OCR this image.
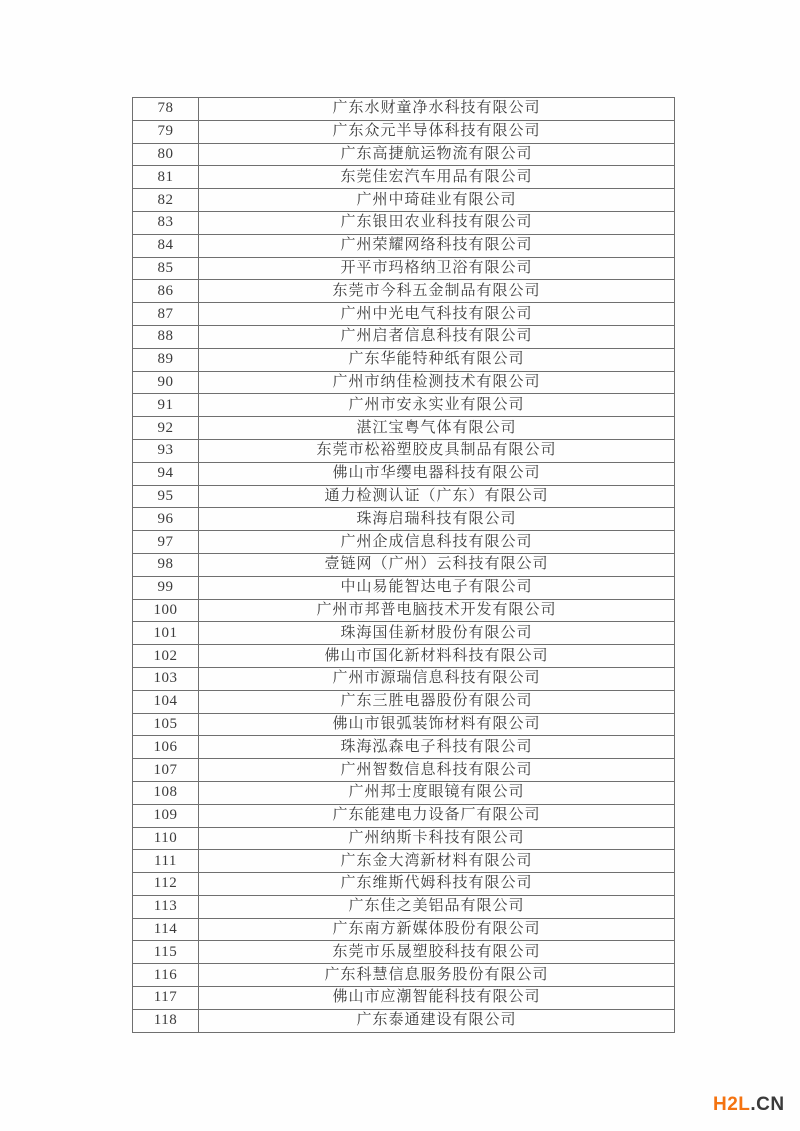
78	广东水财童净水科技有限公司
79	广东众元半导体科技有限公司
80	广东高捷航运物流有限公司
81	东莞佳宏汽车用品有限公司
82	广州中琦硅业有限公司
83	广东银田农业科技有限公司
84	广州荣耀网络科技有限公司
85	开平市玛格纳卫浴有限公司
86	东莞市今科五金制品有限公司
87	广州中光电气科技有限公司
88	广州启者信息科技有限公司
89	广东华能特种纸有限公司
90	广州市纳佳检测技术有限公司
91	广州市安永实业有限公司
92	湛江宝粤气体有限公司
93	东莞市松裕塑胶皮具制品有限公司
94	佛山市华缨电器科技有限公司
95	通力检测认证（广东）有限公司
96	珠海启瑞科技有限公司
97	广州企成信息科技有限公司
98	壹链网（广州）云科技有限公司
99	中山易能智达电子有限公司
100	广州市邦普电脑技术开发有限公司
101	珠海国佳新材股份有限公司
102	佛山市国化新材料科技有限公司
103	广州市源瑞信息科技有限公司
104	广东三胜电器股份有限公司
105	佛山市银弧装饰材料有限公司
106	珠海泓森电子科技有限公司
107	广州智数信息科技有限公司
108	广州邦士度眼镜有限公司
109	广东能建电力设备厂有限公司
110	广州纳斯卡科技有限公司
111	广东金大湾新材料有限公司
112	广东维斯代姆科技有限公司
113	广东佳之美铝品有限公司
114	广东南方新媒体股份有限公司
115	东莞市乐晟塑胶科技有限公司
116	广东科慧信息服务股份有限公司
117	佛山市应潮智能科技有限公司
118	广东泰通建设有限公司
H2L.CN
